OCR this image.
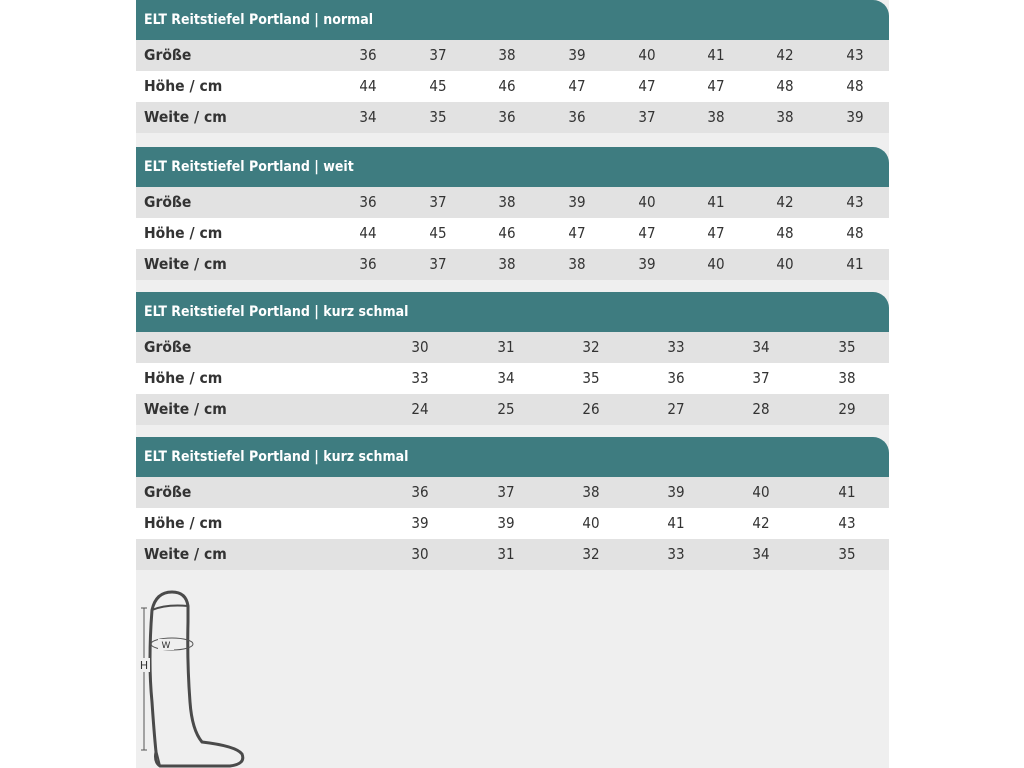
ELT Reitstiefel Portland | normal
Größe	36	37	38	39	40	41	42	43
Höhe / cm	44	45	46	47	47	47	48	48
Weite / cm	34	35	36	36	37	38	38	39
ELT Reitstiefel Portland | weit
Größe	36	37	38	39	40	41	42	43
Höhe / cm	44	45	46	47	47	47	48	48
Weite / cm	36	37	38	38	39	40	40	41
ELT Reitstiefel Portland | kurz schmal
Größe	30	31	32	33	34	35
Höhe / cm	33	34	35	36	37	38
Weite / cm	24	25	26	27	28	29
ELT Reitstiefel Portland | kurz schmal
Größe	36	37	38	39	40	41
Höhe / cm	39	39	40	41	42	43
Weite / cm	30	31	32	33	34	35
H
W
